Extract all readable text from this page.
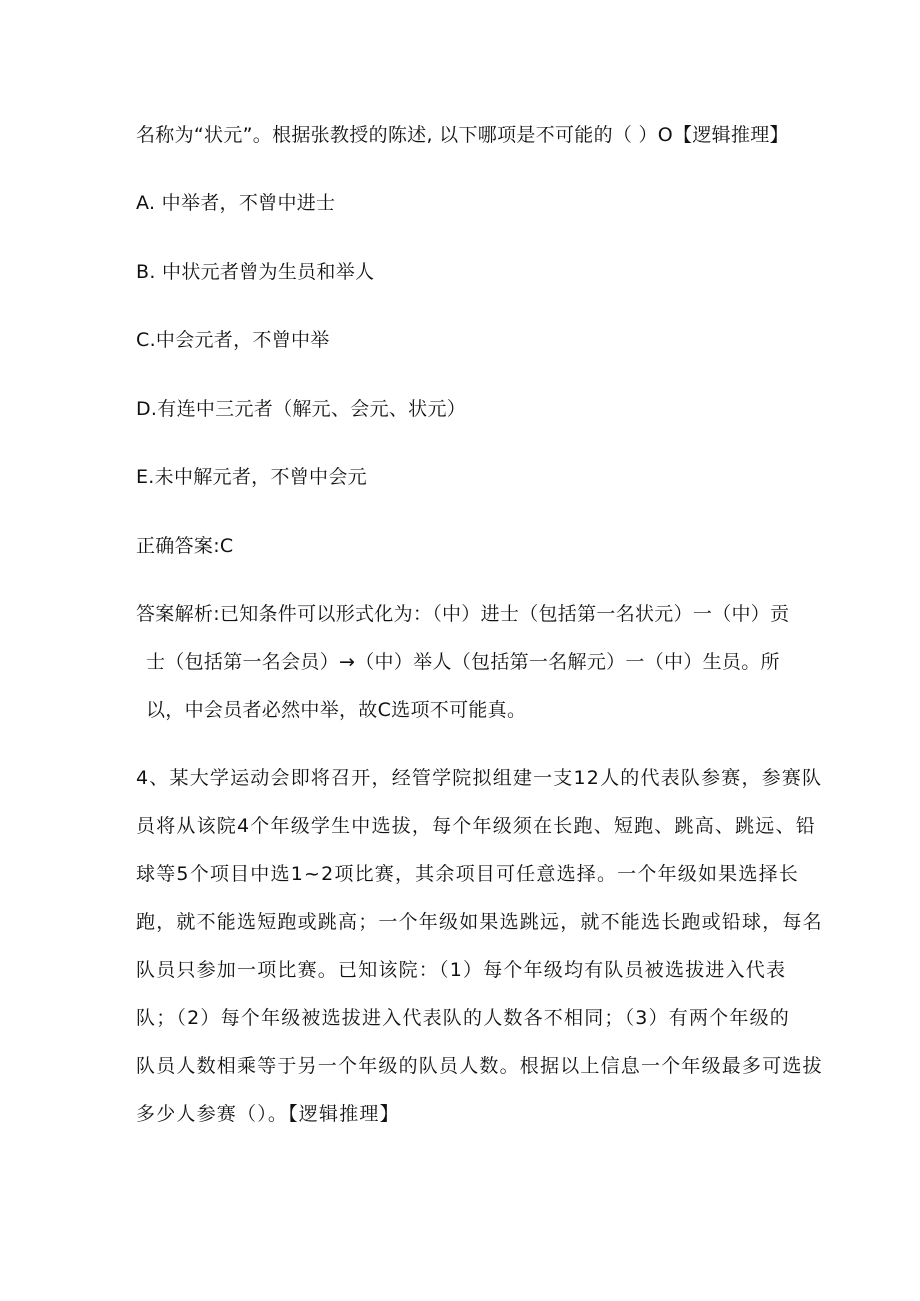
名称为“状元”。根据张教授的陈述, 以下哪项是不可能的（ ）O【逻辑推理】
A. 中举者，不曾中进士
B. 中状元者曾为生员和举人
C.中会元者，不曾中举
D.有连中三元者（解元、会元、状元）
E.未中解元者，不曾中会元
正确答案:C
答案解析:已知条件可以形式化为：（中）进士（包括第一名状元）一（中）贡
士（包括第一名会员）→（中）举人（包括第一名解元）一（中）生员。所
以，中会员者必然中举，故C选项不可能真。
4、某大学运动会即将召开，经管学院拟组建一支12人的代表队参赛，参赛队
员将从该院4个年级学生中选拔，每个年级须在长跑、短跑、跳高、跳远、铅
球等5个项目中选1~2项比赛，其余项目可任意选择。一个年级如果选择长
跑，就不能选短跑或跳高；一个年级如果选跳远，就不能选长跑或铅球，每名
队员只参加一项比赛。已知该院：（1）每个年级均有队员被选拔进入代表
队；（2）每个年级被选拔进入代表队的人数各不相同；（3）有两个年级的
队员人数相乘等于另一个年级的队员人数。根据以上信息一个年级最多可选拔
多少人参赛（）。【逻辑推理】
